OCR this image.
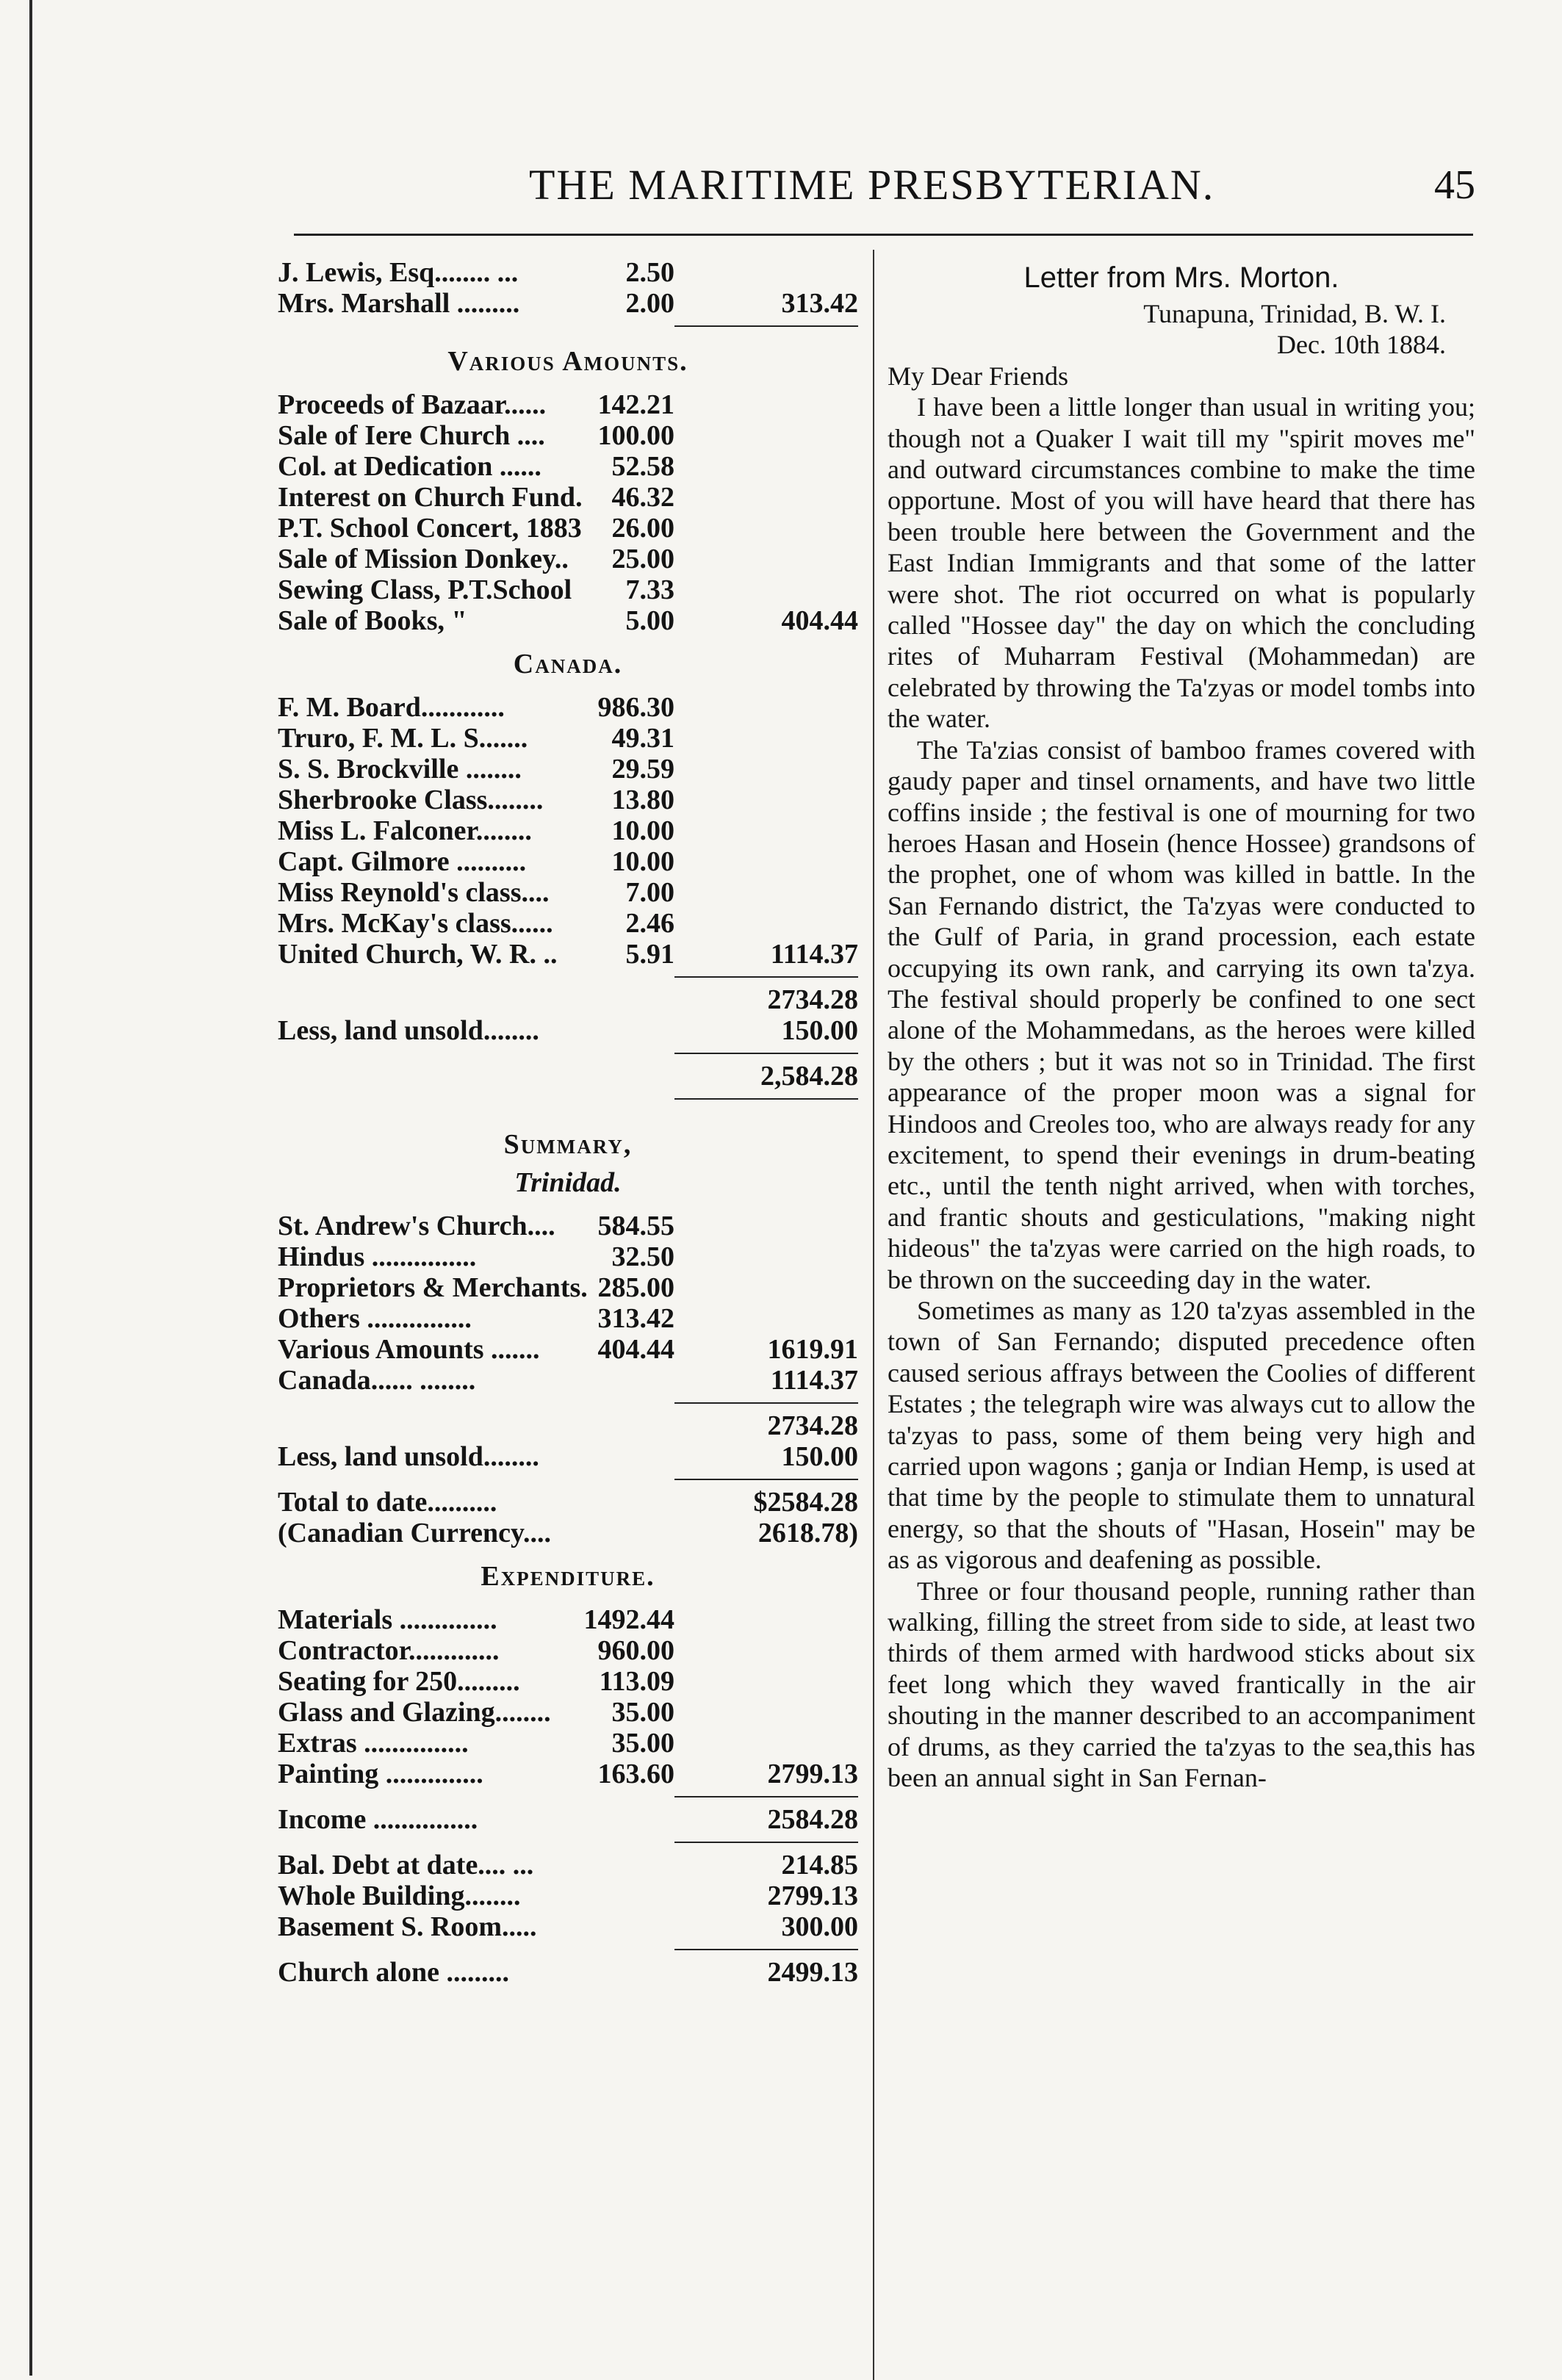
THE MARITIME PRESBYTERIAN.	45
J. Lewis, Esq........ ...	2.50
Mrs. Marshall .........	2.00	313.42
Various Amounts.
Proceeds of Bazaar...... 142.21
Sale of Iere Church .... 100.00
Col. at Dedication ......	52.58
Interest on Church Fund. 46.32
P.T. School Concert, 1883 26.00
Sale of Mission Donkey.. 25.00
Sewing Class, P.T.School 7.33
Sale of Books, "	5.00	404.44
Canada.
F. M. Board............	986.30
Truro, F. M. L. S.......	49.31
S. S. Brockville ........	29.59
Sherbrooke Class........ 13.80
Miss L. Falconer........	10.00
Capt. Gilmore ..........	10.00
Miss Reynold's class....	7.00
Mrs. McKay's class......	2.46
United Church, W. R. .. 5.91	1114.37
2734.28
Less, land unsold........	150.00
2,584.28
Summary,
Trinidad.
St. Andrew's Church.... 584.55
Hindus ...............	32.50
Proprietors & Merchants. 285.00
Others ...............	313.42
Various Amounts ....... 404.44	1619.91
Canada...... ........	1114.37
2734.28
Less, land unsold........	150.00
Total to date..........	$2584.28
(Canadian Currency....	2618.78)
Expenditure.
Materials ..............	1492.44
Contractor.............	960.00
Seating for 250.........	113.09
Glass and Glazing........ 35.00
Extras ...............	35.00
Painting ..............	163.60	2799.13
Income ...............	2584.28
Bal. Debt at date.... ...	214.85
Whole Building........	2799.13
Basement S. Room.....	300.00
Church alone .........	2499.13
Letter from Mrs. Morton.
Tunapuna, Trinidad, B. W. I.
Dec. 10th 1884.

My Dear Friends

I have been a little longer than usual in writing you; though not a Quaker I wait till my "spirit moves me" and outward circumstances combine to make the time opportune. Most of you will have heard that there has been trouble here between the Government and the East Indian Immigrants and that some of the latter were shot. The riot occurred on what is popularly called "Hossee day" the day on which the concluding rites of Muharram Festival (Mohammedan) are celebrated by throwing the Ta'zyas or model tombs into the water.

The Ta'zias consist of bamboo frames covered with gaudy paper and tinsel ornaments, and have two little coffins inside ; the festival is one of mourning for two heroes Hasan and Hosein (hence Hossee) grandsons of the prophet, one of whom was killed in battle. In the San Fernando district, the Ta'zyas were conducted to the Gulf of Paria, in grand procession, each estate occupying its own rank, and carrying its own ta'zya. The festival should properly be confined to one sect alone of the Mohammedans, as the heroes were killed by the others ; but it was not so in Trinidad. The first appearance of the proper moon was a signal for Hindoos and Creoles too, who are always ready for any excitement, to spend their evenings in drum-beating etc., until the tenth night arrived, when with torches, and frantic shouts and gesticulations, "making night hideous" the ta'zyas were carried on the high roads, to be thrown on the succeeding day in the water.

Sometimes as many as 120 ta'zyas assembled in the town of San Fernando; disputed precedence often caused serious affrays between the Coolies of different Estates ; the telegraph wire was always cut to allow the ta'zyas to pass, some of them being very high and carried upon wagons ; ganja or Indian Hemp, is used at that time by the people to stimulate them to unnatural energy, so that the shouts of "Hasan, Hosein" may be as as vigorous and deafening as possible.

Three or four thousand people, running rather than walking, filling the street from side to side, at least two thirds of them armed with hardwood sticks about six feet long which they waved frantically in the air shouting in the manner described to an accompaniment of drums, as they carried the ta'zyas to the sea,this has been an annual sight in San Fernan-
